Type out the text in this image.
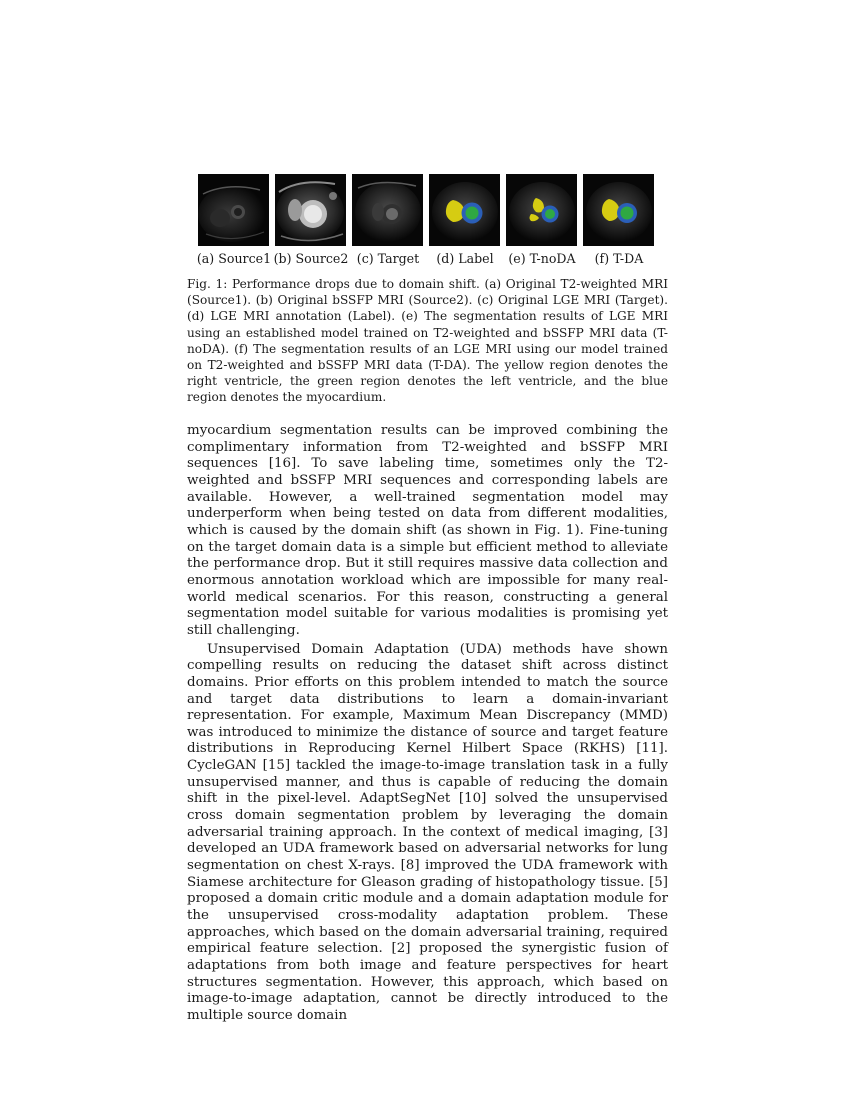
(a) Source1 (b) Source2 (c) Target	(d) Label	(e) T-noDA	(f) T-DA
Fig. 1: Performance drops due to domain shift. (a) Original T2-weighted MRI (Source1). (b) Original bSSFP MRI (Source2). (c) Original LGE MRI (Target). (d) LGE MRI annotation (Label). (e) The segmentation results of LGE MRI using an established model trained on T2-weighted and bSSFP MRI data (T-noDA). (f) The segmentation results of an LGE MRI using our model trained on T2-weighted and bSSFP MRI data (T-DA). The yellow region denotes the right ventricle, the green region denotes the left ventricle, and the blue region denotes the myocardium.

myocardium segmentation results can be improved combining the complimentary information from T2-weighted and bSSFP MRI sequences [16]. To save labeling time, sometimes only the T2-weighted and bSSFP MRI sequences and corresponding labels are available. However, a well-trained segmentation model may underperform when being tested on data from different modalities, which is caused by the domain shift (as shown in Fig. 1). Fine-tuning on the target domain data is a simple but efficient method to alleviate the performance drop. But it still requires massive data collection and enormous annotation workload which are impossible for many real-world medical scenarios. For this reason, constructing a general segmentation model suitable for various modalities is promising yet still challenging.

Unsupervised Domain Adaptation (UDA) methods have shown compelling results on reducing the dataset shift across distinct domains. Prior efforts on this problem intended to match the source and target data distributions to learn a domain-invariant representation. For example, Maximum Mean Discrepancy (MMD) was introduced to minimize the distance of source and target feature distributions in Reproducing Kernel Hilbert Space (RKHS) [11]. CycleGAN [15] tackled the image-to-image translation task in a fully unsupervised manner, and thus is capable of reducing the domain shift in the pixel-level. AdaptSegNet [10] solved the unsupervised cross domain segmentation problem by leveraging the domain adversarial training approach. In the context of medical imaging, [3] developed an UDA framework based on adversarial networks for lung segmentation on chest X-rays. [8] improved the UDA framework with Siamese architecture for Gleason grading of histopathology tissue. [5] proposed a domain critic module and a domain adaptation module for the unsupervised cross-modality adaptation problem. These approaches, which based on the domain adversarial training, required empirical feature selection. [2] proposed the synergistic fusion of adaptations from both image and feature perspectives for heart structures segmentation. However, this approach, which based on image-to-image adaptation, cannot be directly introduced to the multiple source domain
